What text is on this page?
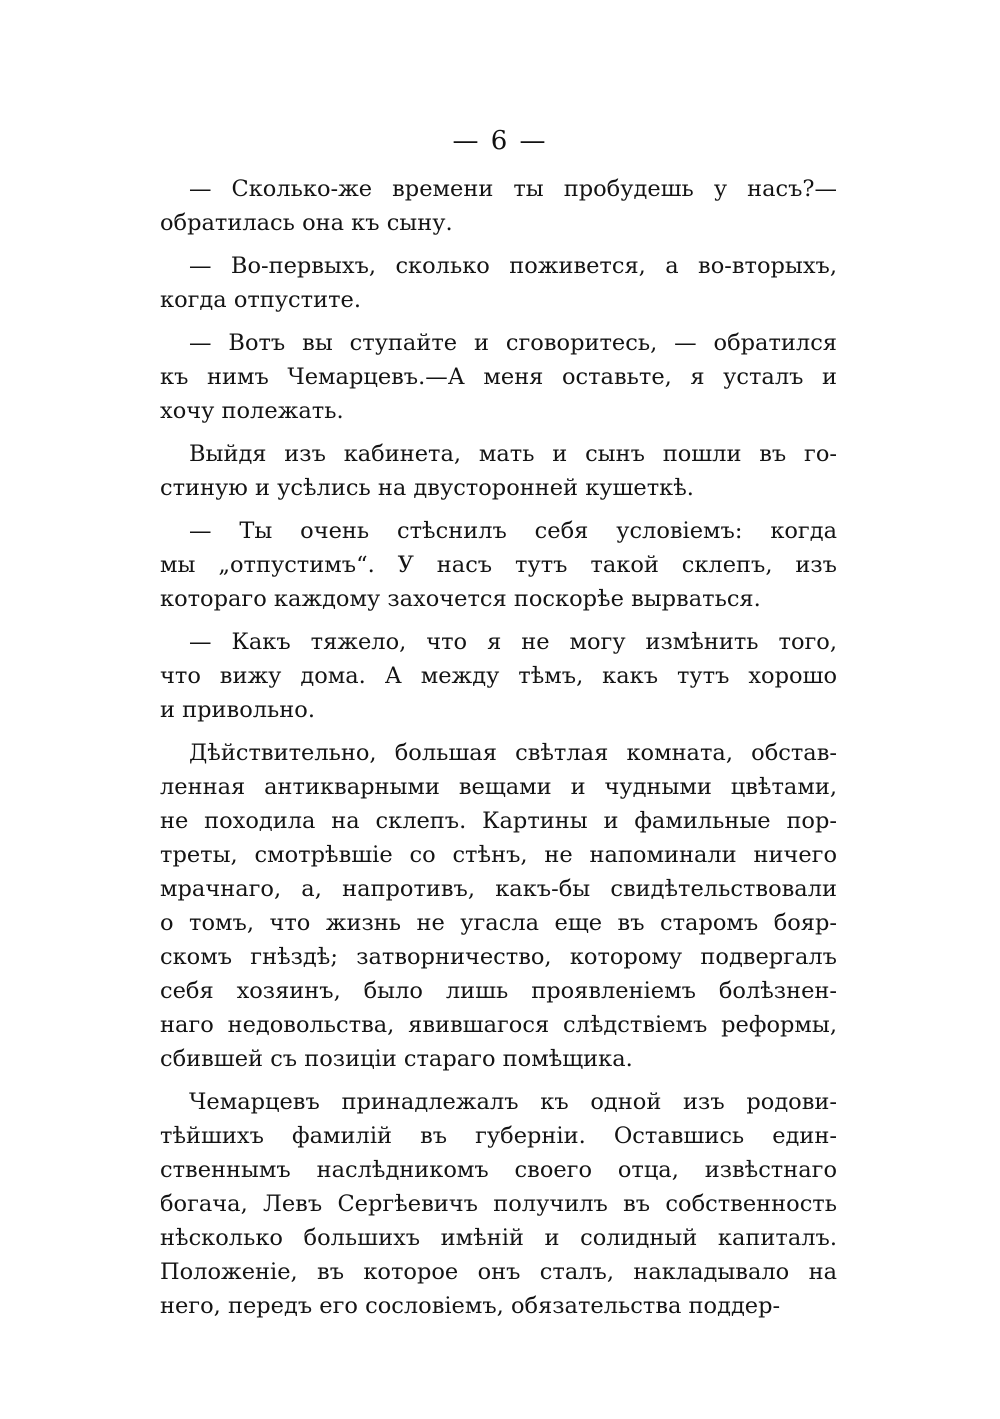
— 6 —
— Сколько-же времени ты пробудешь у насъ?—
обратилась она къ сыну.
— Во-первыхъ, сколько поживется, а во-вторыхъ,
когда отпустите.
— Вотъ вы ступайте и сговоритесь, — обратился
къ нимъ Чемарцевъ.—А меня оставьте, я усталъ и
хочу полежать.
Выйдя изъ кабинета, мать и сынъ пошли въ го-
стиную и усѣлись на двусторонней кушеткѣ.
— Ты очень стѣснилъ себя условіемъ: когда
мы „отпустимъ“. У насъ тутъ такой склепъ, изъ
котораго каждому захочется поскорѣе вырваться.
— Какъ тяжело, что я не могу измѣнить того,
что вижу дома. А между тѣмъ, какъ тутъ хорошо
и привольно.
Дѣйствительно, большая свѣтлая комната, обстав-
ленная антикварными вещами и чудными цвѣтами,
не походила на склепъ. Картины и фамильные пор-
треты, смотрѣвшіе со стѣнъ, не напоминали ничего
мрачнаго, а, напротивъ, какъ-бы свидѣтельствовали
о томъ, что жизнь не угасла еще въ старомъ бояр-
скомъ гнѣздѣ; затворничество, которому подвергалъ
себя хозяинъ, было лишь проявленіемъ болѣзнен-
наго недовольства, явившагося слѣдствіемъ реформы,
сбившей съ позиціи стараго помѣщика.
Чемарцевъ принадлежалъ къ одной изъ родови-
тѣйшихъ фамилій въ губерніи. Оставшись един-
ственнымъ наслѣдникомъ своего отца, извѣстнаго
богача, Левъ Сергѣевичъ получилъ въ собственность
нѣсколько большихъ имѣній и солидный капиталъ.
Положеніе, въ которое онъ сталъ, накладывало на
него, передъ его сословіемъ, обязательства поддер-
